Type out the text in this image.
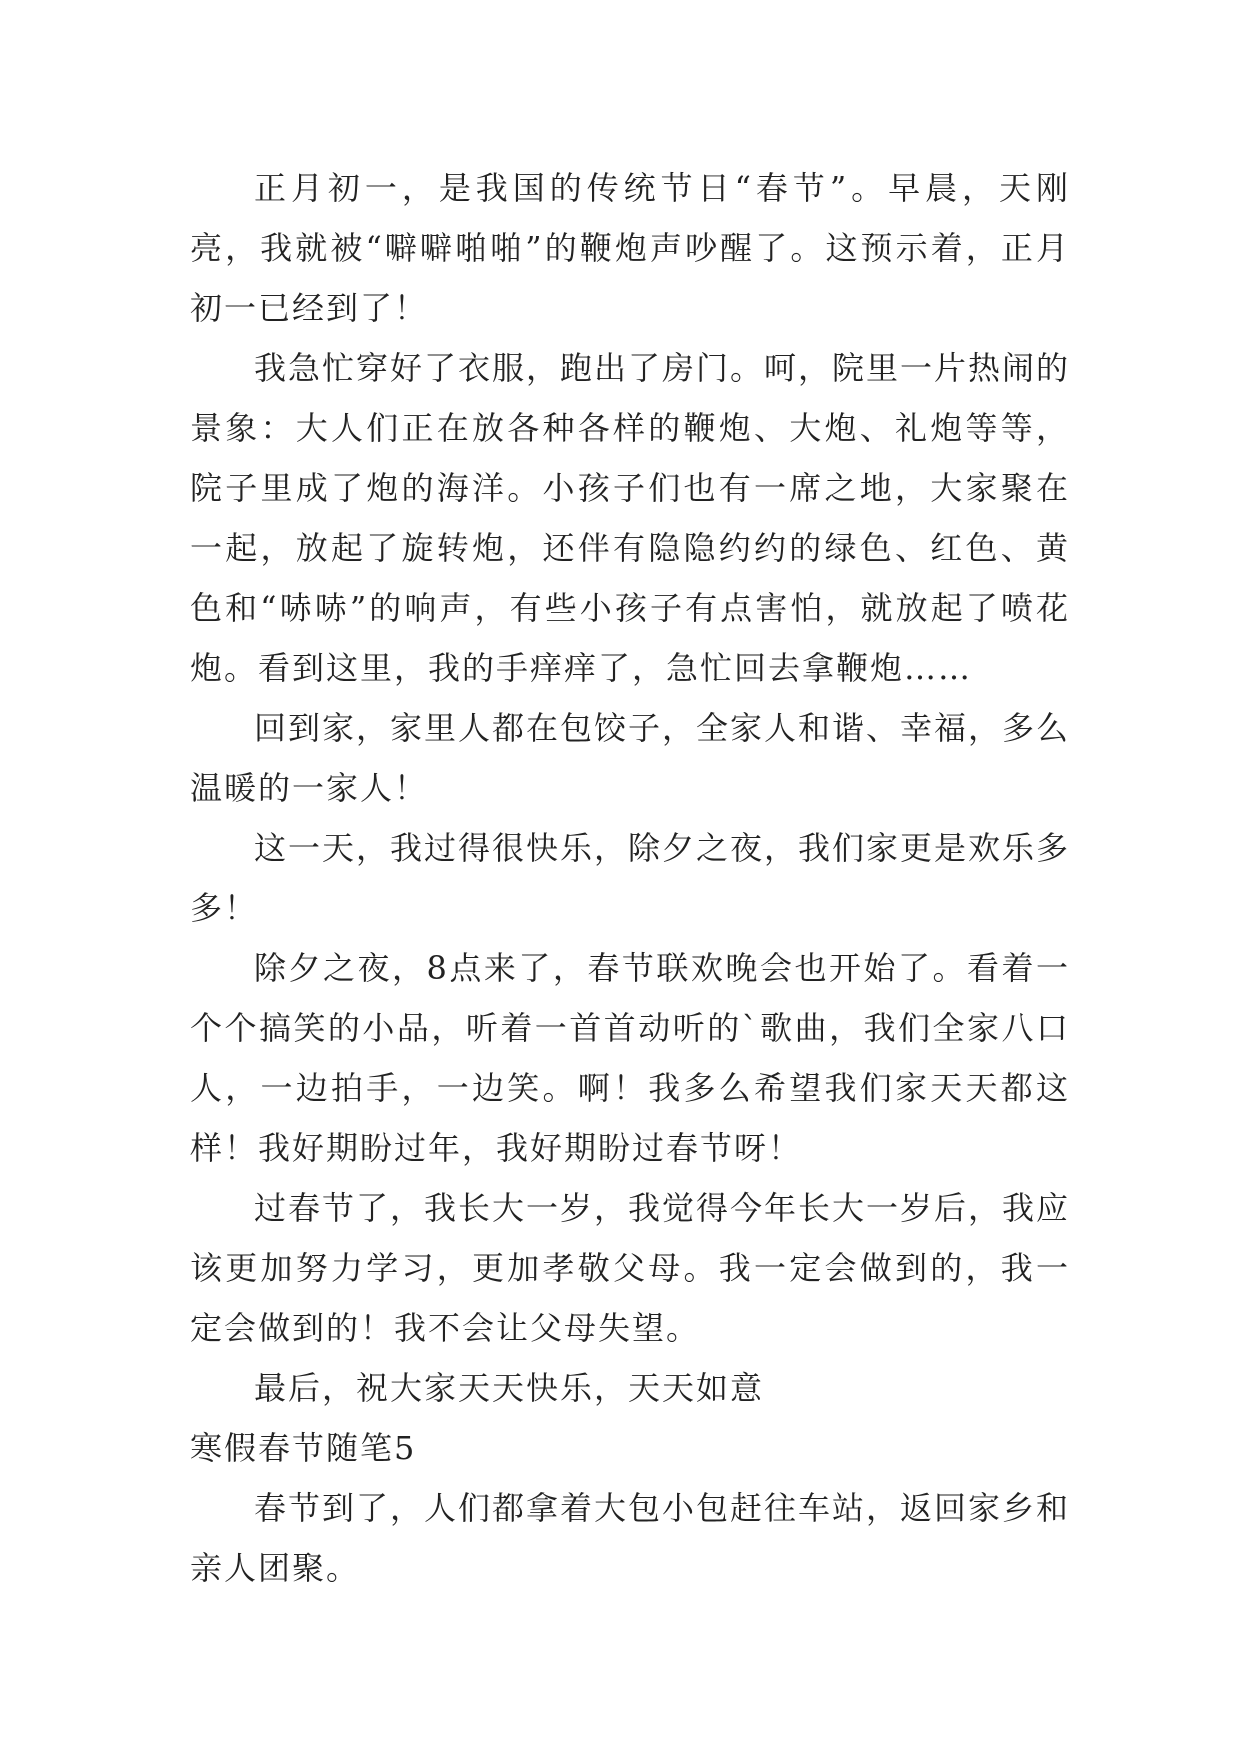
正月初一，是我国的传统节日“春节”。早晨，天刚亮，我就被“噼噼啪啪”的鞭炮声吵醒了。这预示着，正月初一已经到了！

我急忙穿好了衣服，跑出了房门。呵，院里一片热闹的景象：大人们正在放各种各样的鞭炮、大炮、礼炮等等，院子里成了炮的海洋。小孩子们也有一席之地，大家聚在一起，放起了旋转炮，还伴有隐隐约约的绿色、红色、黄色和“哧哧”的响声，有些小孩子有点害怕，就放起了喷花炮。看到这里，我的手痒痒了，急忙回去拿鞭炮……

回到家，家里人都在包饺子，全家人和谐、幸福，多么温暖的一家人！

这一天，我过得很快乐，除夕之夜，我们家更是欢乐多多！

除夕之夜，8点来了，春节联欢晚会也开始了。看着一个个搞笑的小品，听着一首首动听的`歌曲，我们全家八口人，一边拍手，一边笑。啊！我多么希望我们家天天都这样！我好期盼过年，我好期盼过春节呀！

过春节了，我长大一岁，我觉得今年长大一岁后，我应该更加努力学习，更加孝敬父母。我一定会做到的，我一定会做到的！我不会让父母失望。

最后，祝大家天天快乐，天天如意

寒假春节随笔5

春节到了，人们都拿着大包小包赶往车站，返回家乡和亲人团聚。
